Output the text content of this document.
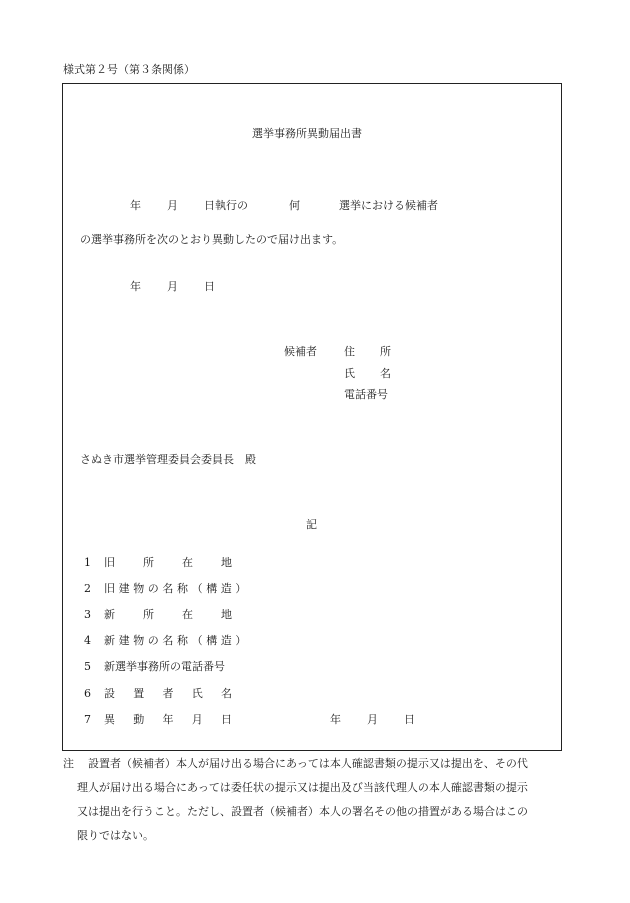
様式第２号（第３条関係）
選挙事務所異動届出書
年 月 日執行の	何	選挙における候補者
の選挙事務所を次のとおり異動したので届け出ます。
年 月 日
候補者 住 所
氏 名
電話番号
さぬき市選挙管理委員会委員長　殿
記
1 旧	所	在	地
2 旧建物の名称（構造）
3 新	所	在	地
4 新建物の名称（構造）
5 新選挙事務所の電話番号
6 設 置 者 氏 名
7 異 動 年 月 日	年 月 日
注 設置者（候補者）本人が届け出る場合にあっては本人確認書類の提示又は提出を、その代
理人が届け出る場合にあっては委任状の提示又は提出及び当該代理人の本人確認書類の提示
又は提出を行うこと。ただし、設置者（候補者）本人の署名その他の措置がある場合はこの
限りではない。
